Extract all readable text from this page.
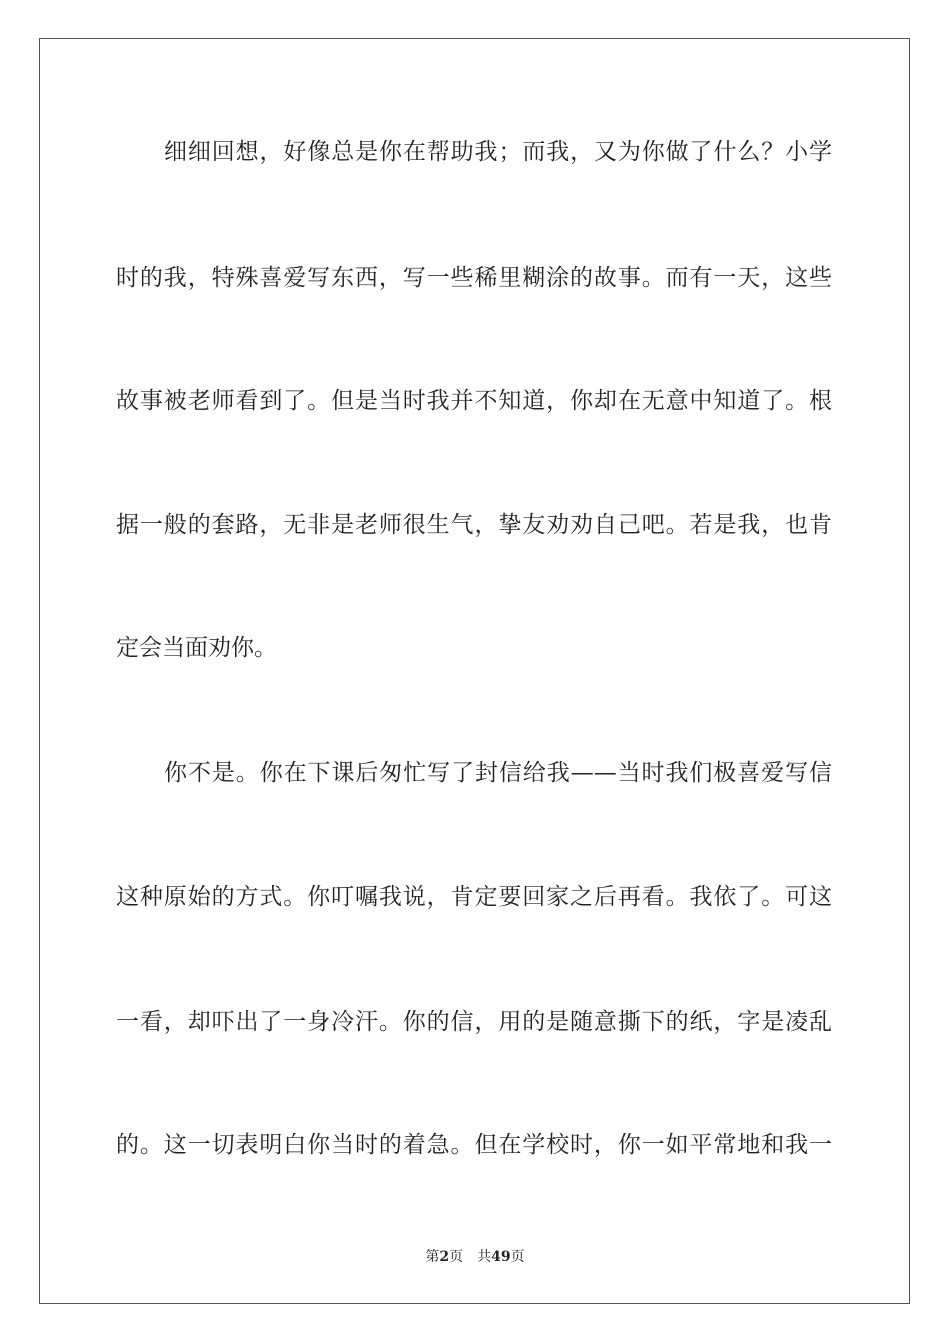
细细回想，好像总是你在帮助我；而我，又为你做了什么？小学
时的我，特殊喜爱写东西，写一些稀里糊涂的故事。而有一天，这些
故事被老师看到了。但是当时我并不知道，你却在无意中知道了。根
据一般的套路，无非是老师很生气，挚友劝劝自己吧。若是我，也肯
定会当面劝你。
你不是。你在下课后匆忙写了封信给我——当时我们极喜爱写信
这种原始的方式。你叮嘱我说，肯定要回家之后再看。我依了。可这
一看，却吓出了一身冷汗。你的信，用的是随意撕下的纸，字是凌乱
的。这一切表明白你当时的着急。但在学校时，你一如平常地和我一
第2页 共49页
